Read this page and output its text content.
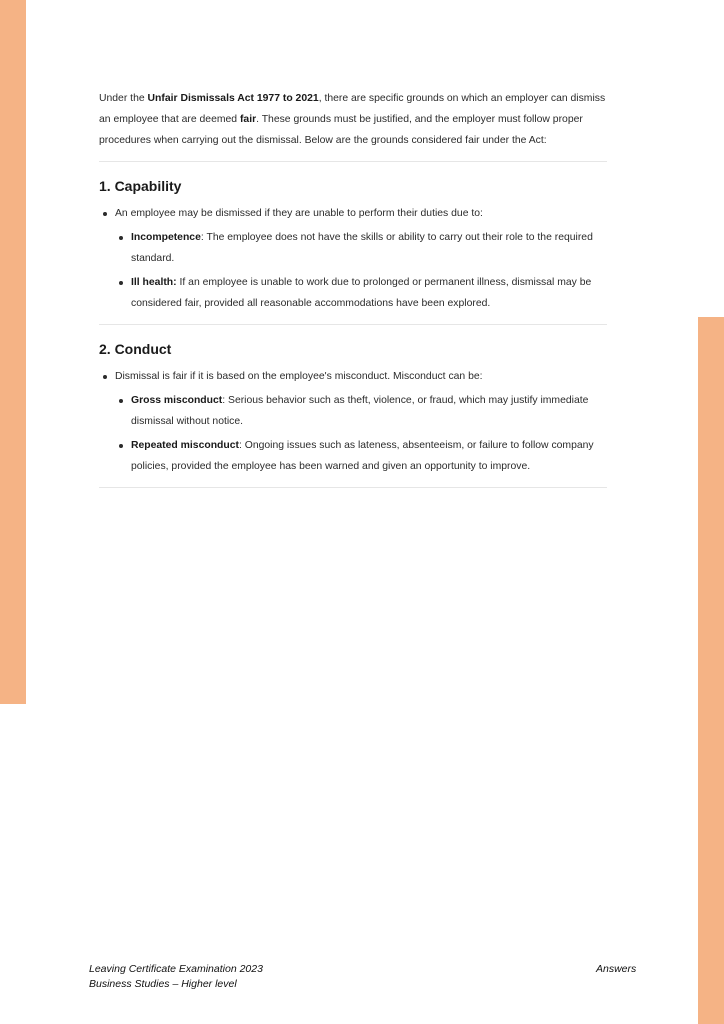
Under the Unfair Dismissals Act 1977 to 2021, there are specific grounds on which an employer can dismiss an employee that are deemed fair. These grounds must be justified, and the employer must follow proper procedures when carrying out the dismissal. Below are the grounds considered fair under the Act:

1. Capability
An employee may be dismissed if they are unable to perform their duties due to:
Incompetence: The employee does not have the skills or ability to carry out their role to the required standard.
Ill health: If an employee is unable to work due to prolonged or permanent illness, dismissal may be considered fair, provided all reasonable accommodations have been explored.
2. Conduct
Dismissal is fair if it is based on the employee's misconduct. Misconduct can be:
Gross misconduct: Serious behavior such as theft, violence, or fraud, which may justify immediate dismissal without notice.
Repeated misconduct: Ongoing issues such as lateness, absenteeism, or failure to follow company policies, provided the employee has been warned and given an opportunity to improve.
Leaving Certificate Examination 2023
Business Studies – Higher level
Answers
